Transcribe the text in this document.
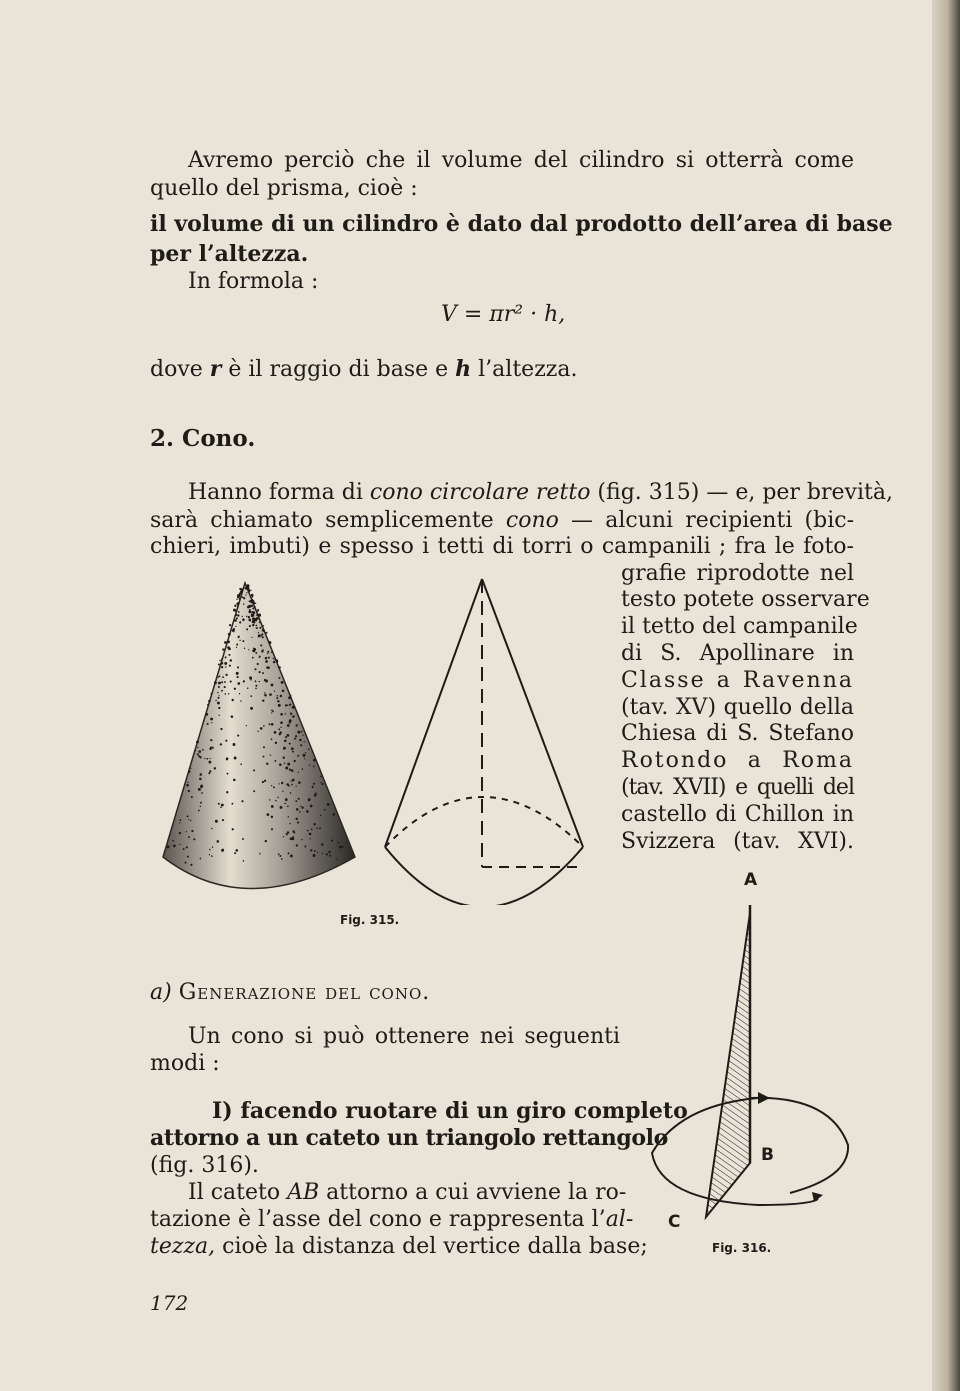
Avremo perciò che il volume del cilindro si otterrà come
quello del prisma, cioè :
il volume di un cilindro è dato dal prodotto dell’area di base
per l’altezza.
In formola :
V = πr² · h,
dove r è il raggio di base e h l’altezza.
2. Cono.
Hanno forma di cono circolare retto (fig. 315) — e, per brevità,
sarà chiamato semplicemente cono — alcuni recipienti (bic-
chieri, imbuti) e spesso i tetti di torri o campanili ; fra le foto-
grafie riprodotte nel
testo potete osservare
il tetto del campanile
di S. Apollinare in
Classe a Ravenna
(tav. XV) quello della
Chiesa di S. Stefano
Rotondo a Roma
(tav. XVII) e quelli del
castello di Chillon in
Svizzera (tav. XVI).
Fig. 315.
a) Generazione del cono.
Un cono si può ottenere nei seguenti
modi :
I) facendo ruotare di un giro completo
attorno a un cateto un triangolo rettangolo
(fig. 316).
Il cateto AB attorno a cui avviene la ro-
tazione è l’asse del cono e rappresenta l’al-
tezza, cioè la distanza del vertice dalla base;
A
B
C
Fig. 316.
172
